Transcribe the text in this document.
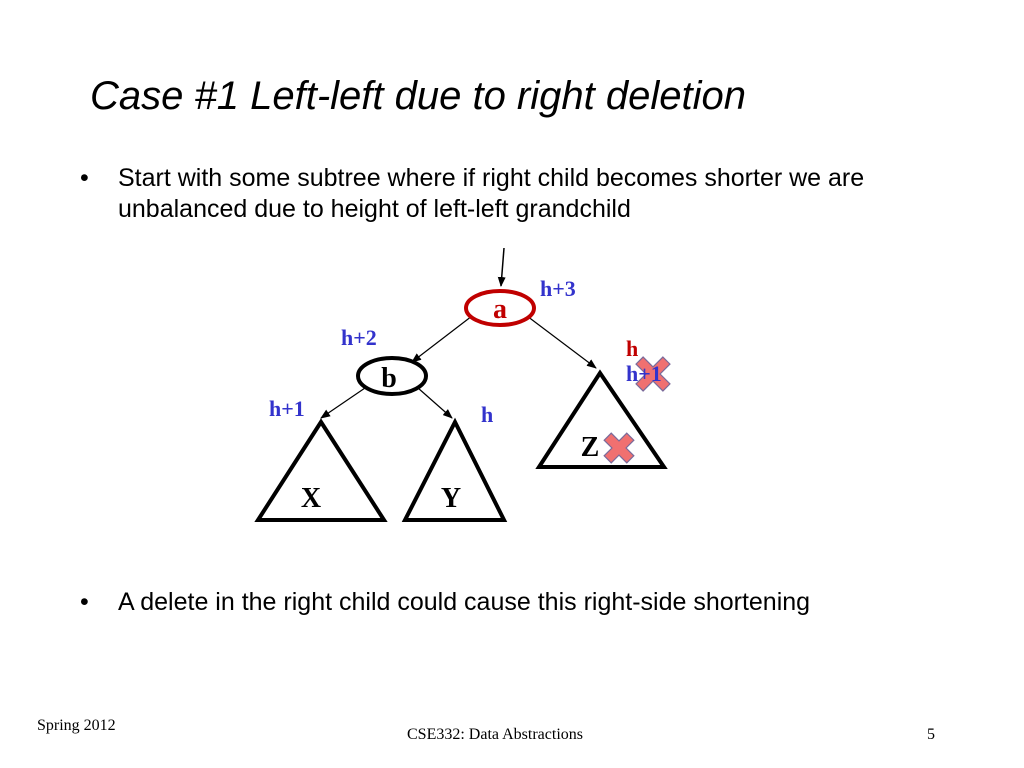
Case #1 Left-left due to right deletion
• Start with some subtree where if right child becomes shorter we are unbalanced due to height of left-left grandchild
a
b
X	Y
Z
h+3
h+2
h+1	h
h
h+1
• A delete in the right child could cause this right-side shortening
Spring 2012
CSE332: Data Abstractions	5
